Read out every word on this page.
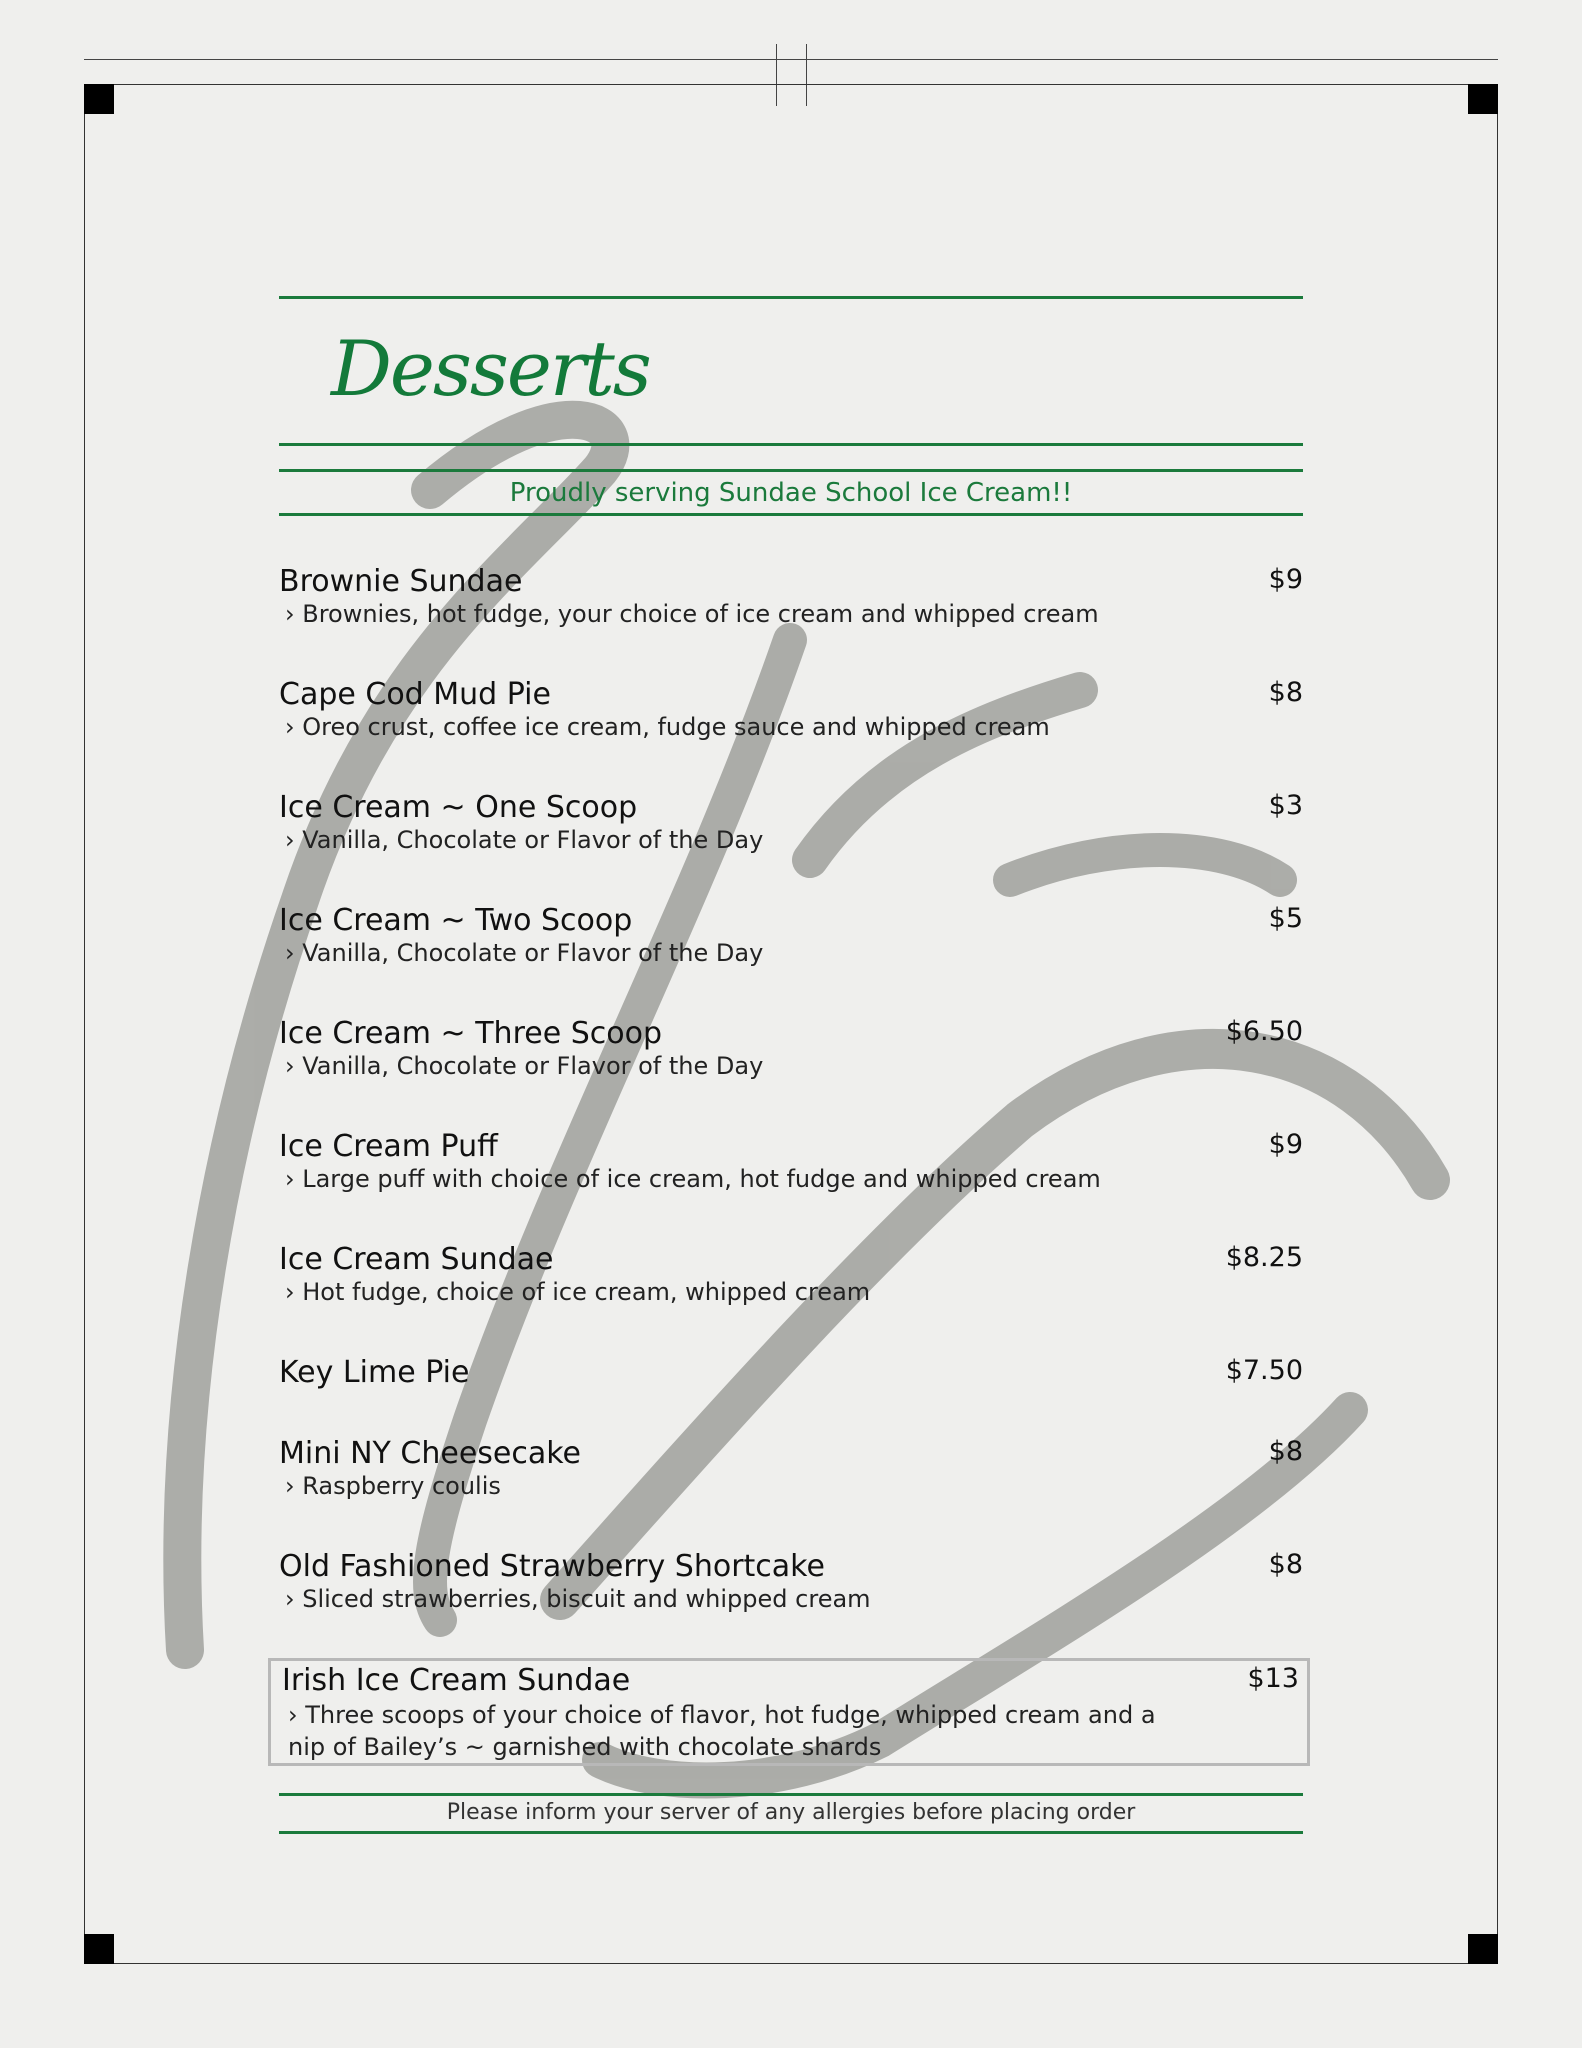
Desserts
Proudly serving Sundae School Ice Cream!!
Brownie Sundae	$9
› Brownies, hot fudge, your choice of ice cream and whipped cream
Cape Cod Mud Pie	$8
› Oreo crust, coffee ice cream, fudge sauce and whipped cream
Ice Cream ~ One Scoop	$3
› Vanilla, Chocolate or Flavor of the Day
Ice Cream ~ Two Scoop	$5
› Vanilla, Chocolate or Flavor of the Day
Ice Cream ~ Three Scoop	$6.50
› Vanilla, Chocolate or Flavor of the Day
Ice Cream Puff	$9
› Large puff with choice of ice cream, hot fudge and whipped cream
Ice Cream Sundae	$8.25
› Hot fudge, choice of ice cream, whipped cream
Key Lime Pie	$7.50
Mini NY Cheesecake	$8
› Raspberry coulis
Old Fashioned Strawberry Shortcake	$8
› Sliced strawberries, biscuit and whipped cream
Irish Ice Cream Sundae	$13
› Three scoops of your choice of flavor, hot fudge, whipped cream and a nip of Bailey’s ~ garnished with chocolate shards
Please inform your server of any allergies before placing order
